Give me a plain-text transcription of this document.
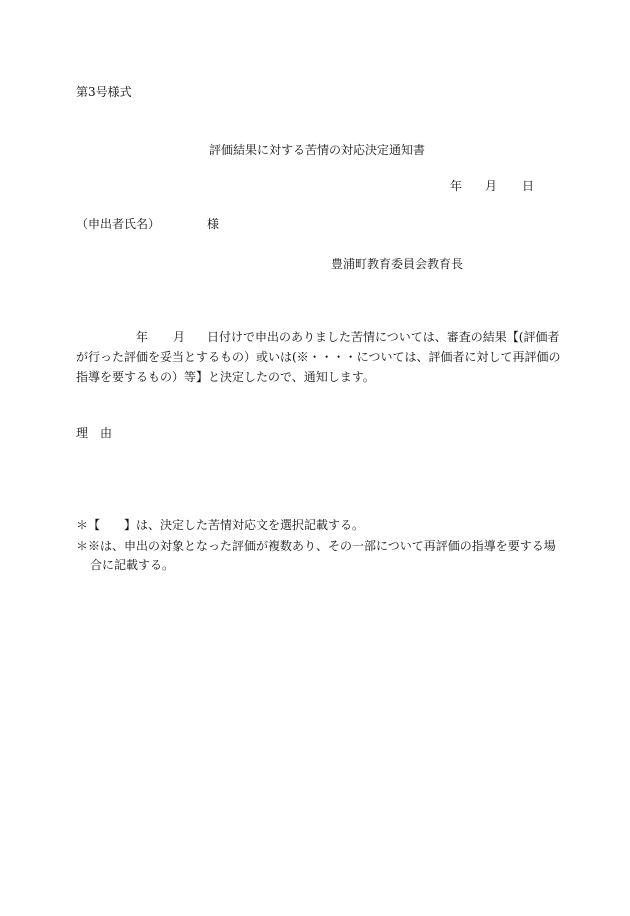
第3号様式
評価結果に対する苦情の対応決定通知書
年 月 日
（申出者氏名）	様
豊浦町教育委員会教育長
年 月 日付けで申出のありました苦情については、審査の結果【(評価者
が行った評価を妥当とするもの）或いは(※・・・・については、評価者に対して再評価の
指導を要するもの）等】と決定したので、通知します。
理　由
＊【　　】は、決定した苦情対応文を選択記載する。
＊※は、申出の対象となった評価が複数あり、その一部について再評価の指導を要する場
合に記載する。
